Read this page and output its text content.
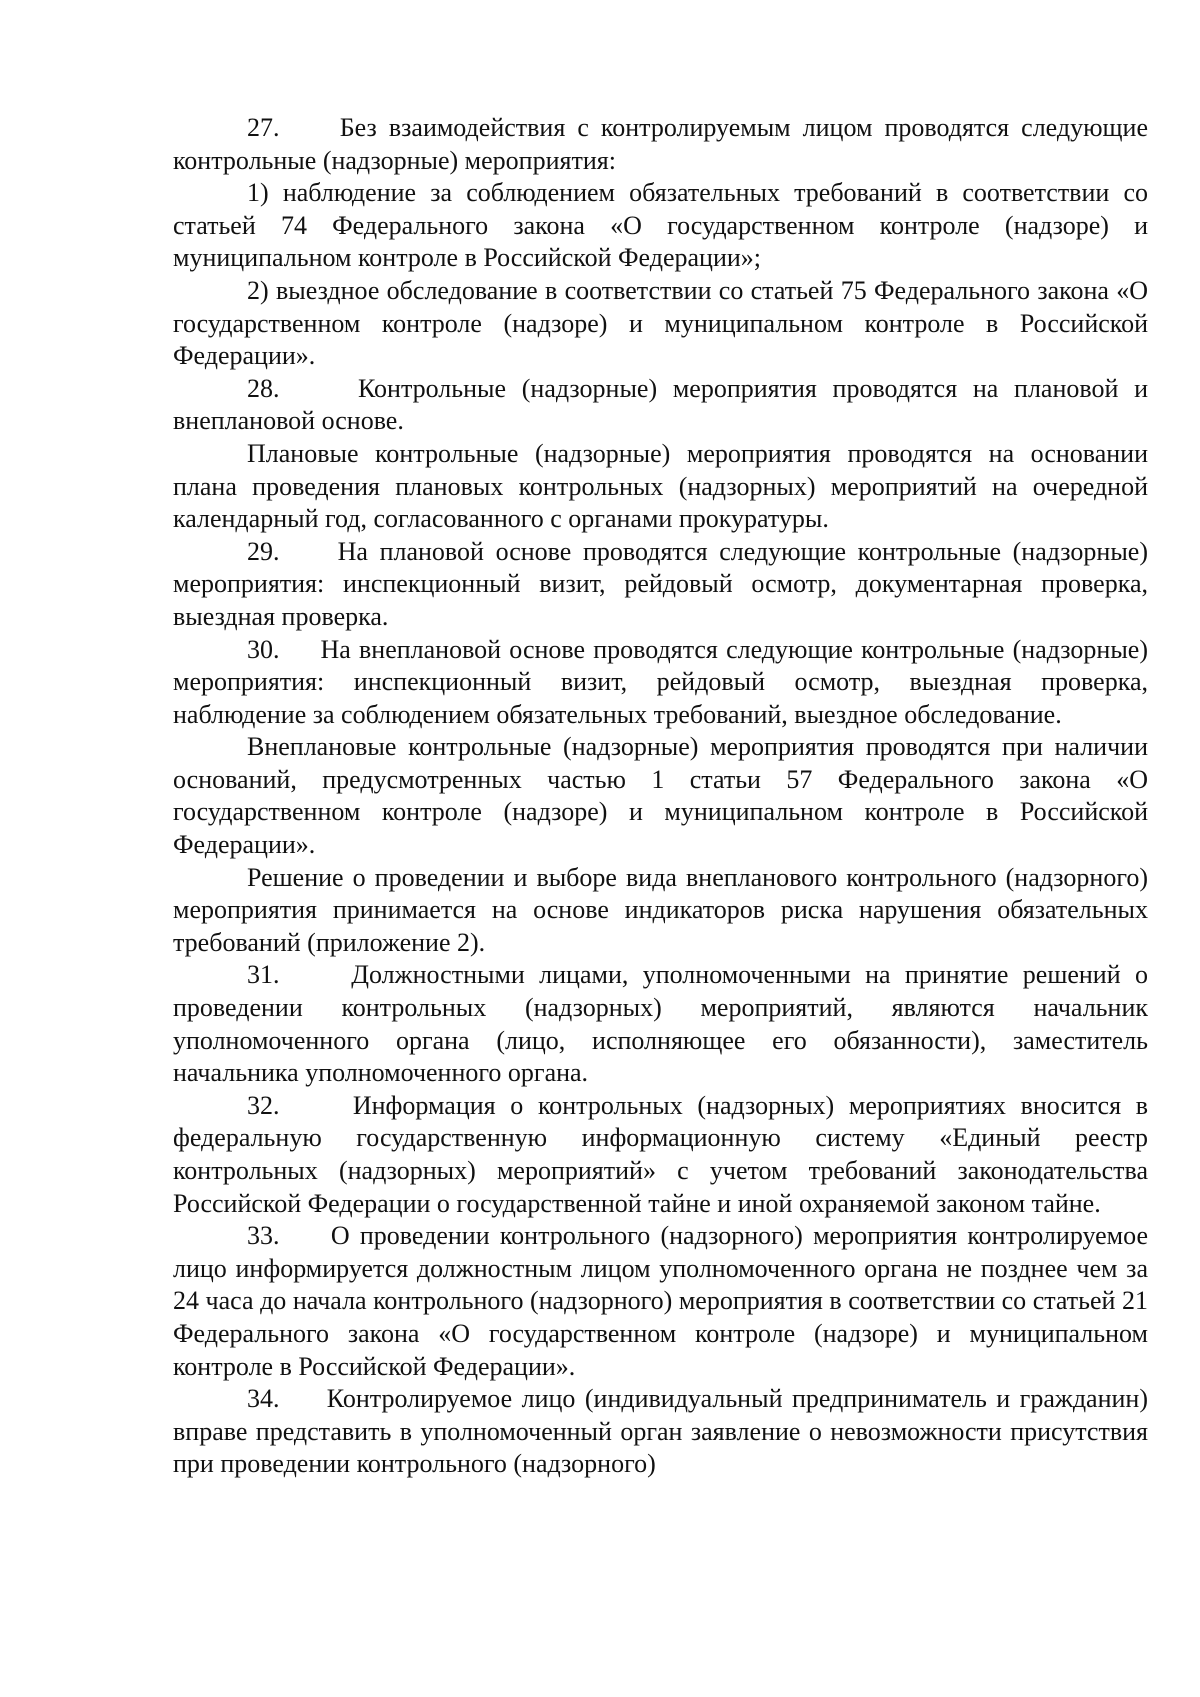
27.     Без взаимодействия с контролируемым лицом проводятся следующие контрольные (надзорные) мероприятия:

1) наблюдение за соблюдением обязательных требований в соответствии со статьей 74 Федерального закона «О государственном контроле (надзоре) и муниципальном контроле в Российской Федерации»;

2) выездное обследование в соответствии со статьей 75 Федерального закона «О государственном контроле (надзоре) и муниципальном контроле в Российской Федерации».

28.     Контрольные (надзорные) мероприятия проводятся на плановой и внеплановой основе.

Плановые контрольные (надзорные) мероприятия проводятся на основании плана проведения плановых контрольных (надзорных) мероприятий на очередной календарный год, согласованного с органами прокуратуры.

29.     На плановой основе проводятся следующие контрольные (надзорные) мероприятия: инспекционный визит, рейдовый осмотр, документарная проверка, выездная проверка.

30.     На внеплановой основе проводятся следующие контрольные (надзорные) мероприятия: инспекционный визит, рейдовый осмотр, выездная проверка, наблюдение за соблюдением обязательных требований, выездное обследование.

Внеплановые контрольные (надзорные) мероприятия проводятся при наличии оснований, предусмотренных частью 1 статьи 57 Федерального закона «О государственном контроле (надзоре) и муниципальном контроле в Российской Федерации».

Решение о проведении и выборе вида внепланового контрольного (надзорного) мероприятия принимается на основе индикаторов риска нарушения обязательных требований (приложение 2).

31.     Должностными лицами, уполномоченными на принятие решений о проведении контрольных (надзорных) мероприятий, являются начальник уполномоченного органа (лицо, исполняющее его обязанности), заместитель начальника уполномоченного органа.

32.     Информация о контрольных (надзорных) мероприятиях вносится в федеральную государственную информационную систему «Единый реестр контрольных (надзорных) мероприятий» с учетом требований законодательства Российской Федерации о государственной тайне и иной охраняемой законом тайне.

33.     О проведении контрольного (надзорного) мероприятия контролируемое лицо информируется должностным лицом уполномоченного органа не позднее чем за 24 часа до начала контрольного (надзорного) мероприятия в соответствии со статьей 21 Федерального закона «О государственном контроле (надзоре) и муниципальном контроле в Российской Федерации».

34.     Контролируемое лицо (индивидуальный предприниматель и гражданин) вправе представить в уполномоченный орган заявление о невозможности присутствия при проведении контрольного (надзорного)
